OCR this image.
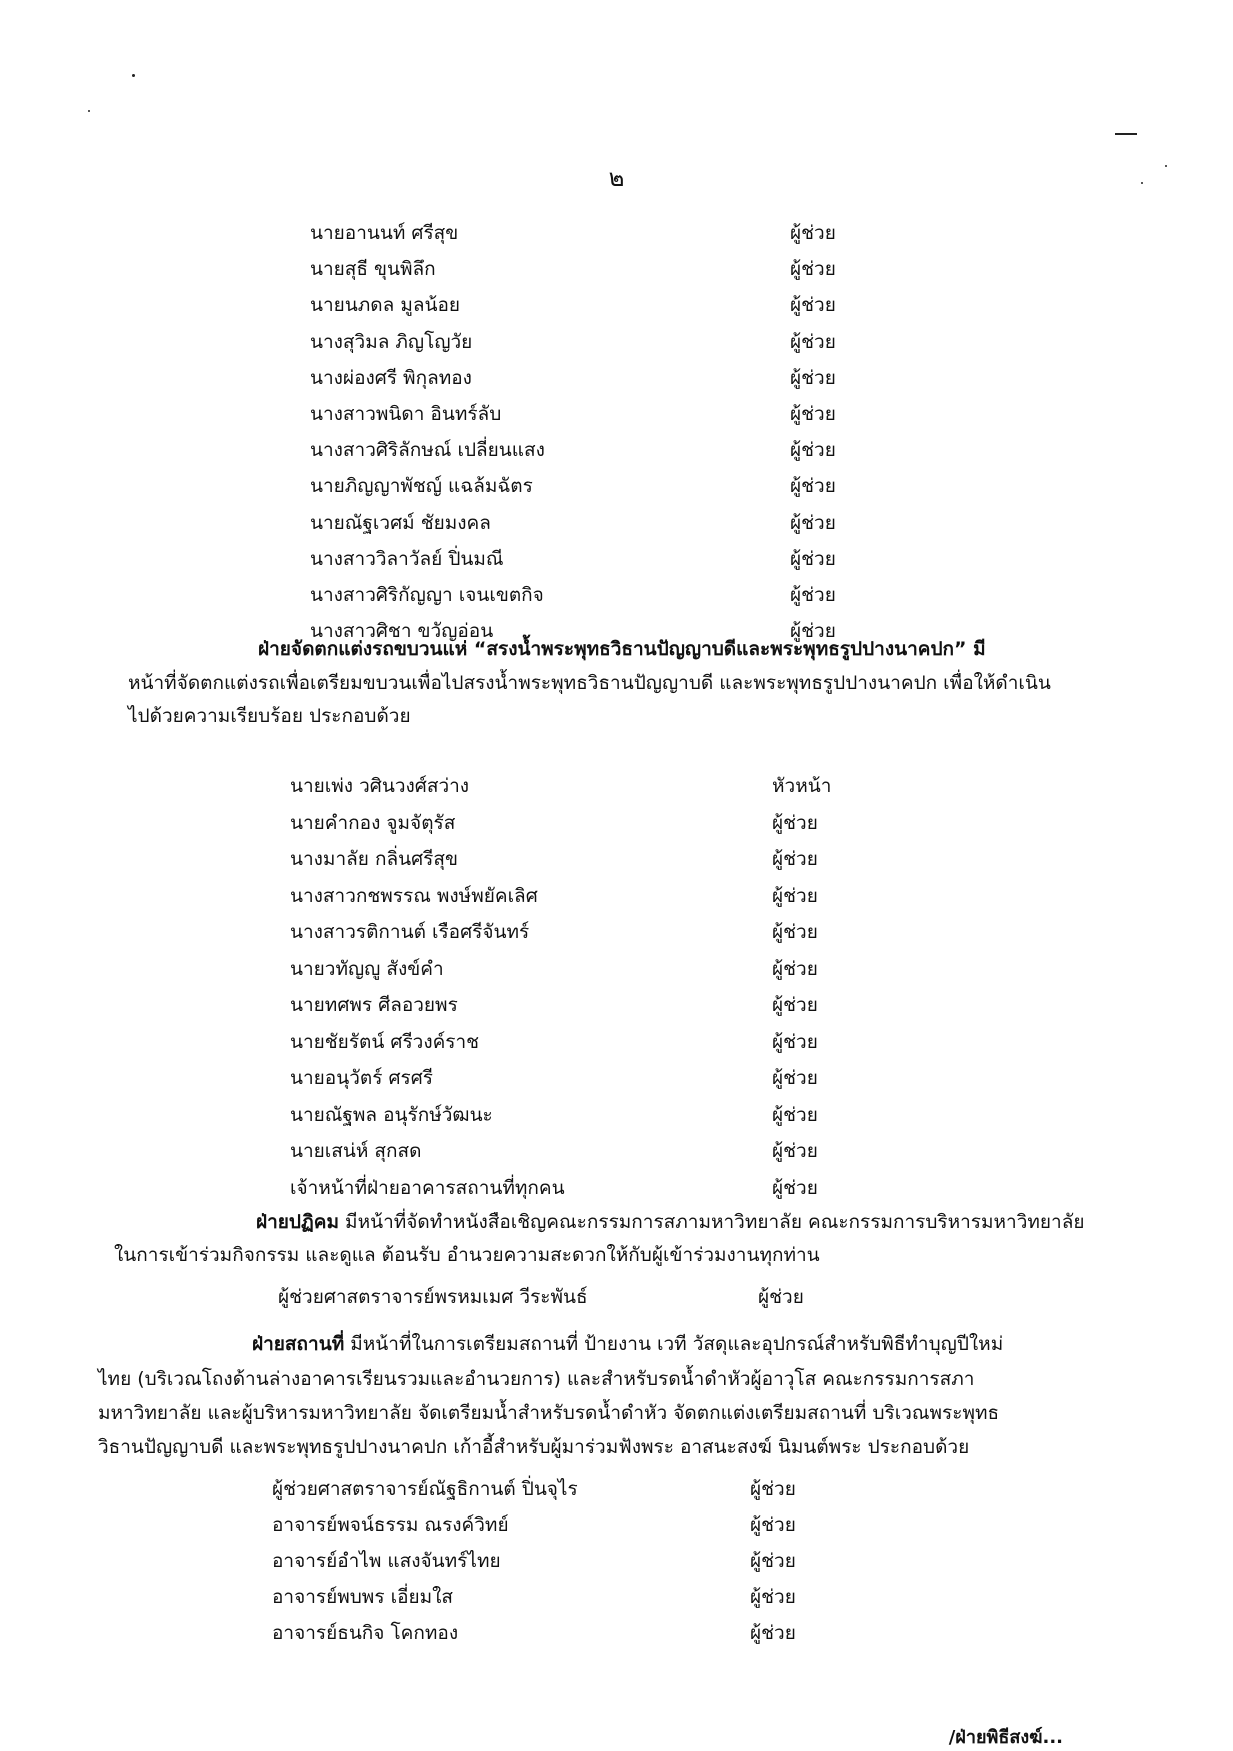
๒
นายอานนท์ ศรีสุข	ผู้ช่วย
นายสุธี ขุนพิลึก	ผู้ช่วย
นายนภดล มูลน้อย	ผู้ช่วย
นางสุวิมล ภิญโญวัย	ผู้ช่วย
นางผ่องศรี พิกุลทอง	ผู้ช่วย
นางสาวพนิดา อินทร์ลับ	ผู้ช่วย
นางสาวศิริลักษณ์ เปลี่ยนแสง	ผู้ช่วย
นายภิญญาพัชญ์ แฉล้มฉัตร	ผู้ช่วย
นายณัฐเวศม์ ชัยมงคล	ผู้ช่วย
นางสาววิลาวัลย์ ปิ่นมณี	ผู้ช่วย
นางสาวศิริกัญญา เจนเขตกิจ	ผู้ช่วย
นางสาวศิชา ขวัญอ่อน	ผู้ช่วย
ฝ่ายจัดตกแต่งรถขบวนแห่ “สรงน้ำพระพุทธวิธานปัญญาบดีและพระพุทธรูปปางนาคปก” มี
หน้าที่จัดตกแต่งรถเพื่อเตรียมขบวนเพื่อไปสรงน้ำพระพุทธวิธานปัญญาบดี และพระพุทธรูปปางนาคปก เพื่อให้ดำเนิน
ไปด้วยความเรียบร้อย ประกอบด้วย
นายเพ่ง วศินวงศ์สว่าง	หัวหน้า
นายคำกอง จูมจัตุรัส	ผู้ช่วย
นางมาลัย กลิ่นศรีสุข	ผู้ช่วย
นางสาวกชพรรณ พงษ์พยัคเลิศ	ผู้ช่วย
นางสาวรติกานต์ เรือศรีจันทร์	ผู้ช่วย
นายวทัญญู สังข์คำ	ผู้ช่วย
นายทศพร ศีลอวยพร	ผู้ช่วย
นายชัยรัตน์ ศรีวงค์ราช	ผู้ช่วย
นายอนุวัตร์ ศรศรี	ผู้ช่วย
นายณัฐพล อนุรักษ์วัฒนะ	ผู้ช่วย
นายเสน่ห์ สุกสด	ผู้ช่วย
เจ้าหน้าที่ฝ่ายอาคารสถานที่ทุกคน	ผู้ช่วย
ฝ่ายปฏิคม มีหน้าที่จัดทำหนังสือเชิญคณะกรรมการสภามหาวิทยาลัย คณะกรรมการบริหารมหาวิทยาลัย
ในการเข้าร่วมกิจกรรม และดูแล ต้อนรับ อำนวยความสะดวกให้กับผู้เข้าร่วมงานทุกท่าน
ผู้ช่วยศาสตราจารย์พรหมเมศ วีระพันธ์	ผู้ช่วย
ฝ่ายสถานที่ มีหน้าที่ในการเตรียมสถานที่ ป้ายงาน เวที วัสดุและอุปกรณ์สำหรับพิธีทำบุญปีใหม่
ไทย (บริเวณโถงด้านล่างอาคารเรียนรวมและอำนวยการ) และสำหรับรดน้ำดำหัวผู้อาวุโส คณะกรรมการสภา
มหาวิทยาลัย และผู้บริหารมหาวิทยาลัย จัดเตรียมน้ำสำหรับรดน้ำดำหัว จัดตกแต่งเตรียมสถานที่ บริเวณพระพุทธ
วิธานปัญญาบดี และพระพุทธรูปปางนาคปก เก้าอี้สำหรับผู้มาร่วมฟังพระ อาสนะสงฆ์ นิมนต์พระ ประกอบด้วย
ผู้ช่วยศาสตราจารย์ณัฐธิกานต์ ปิ่นจุไร	ผู้ช่วย
อาจารย์พจน์ธรรม ณรงค์วิทย์	ผู้ช่วย
อาจารย์อำไพ แสงจันทร์ไทย	ผู้ช่วย
อาจารย์พบพร เอี่ยมใส	ผู้ช่วย
อาจารย์ธนกิจ โคกทอง	ผู้ช่วย
/ฝ่ายพิธีสงฆ์...
